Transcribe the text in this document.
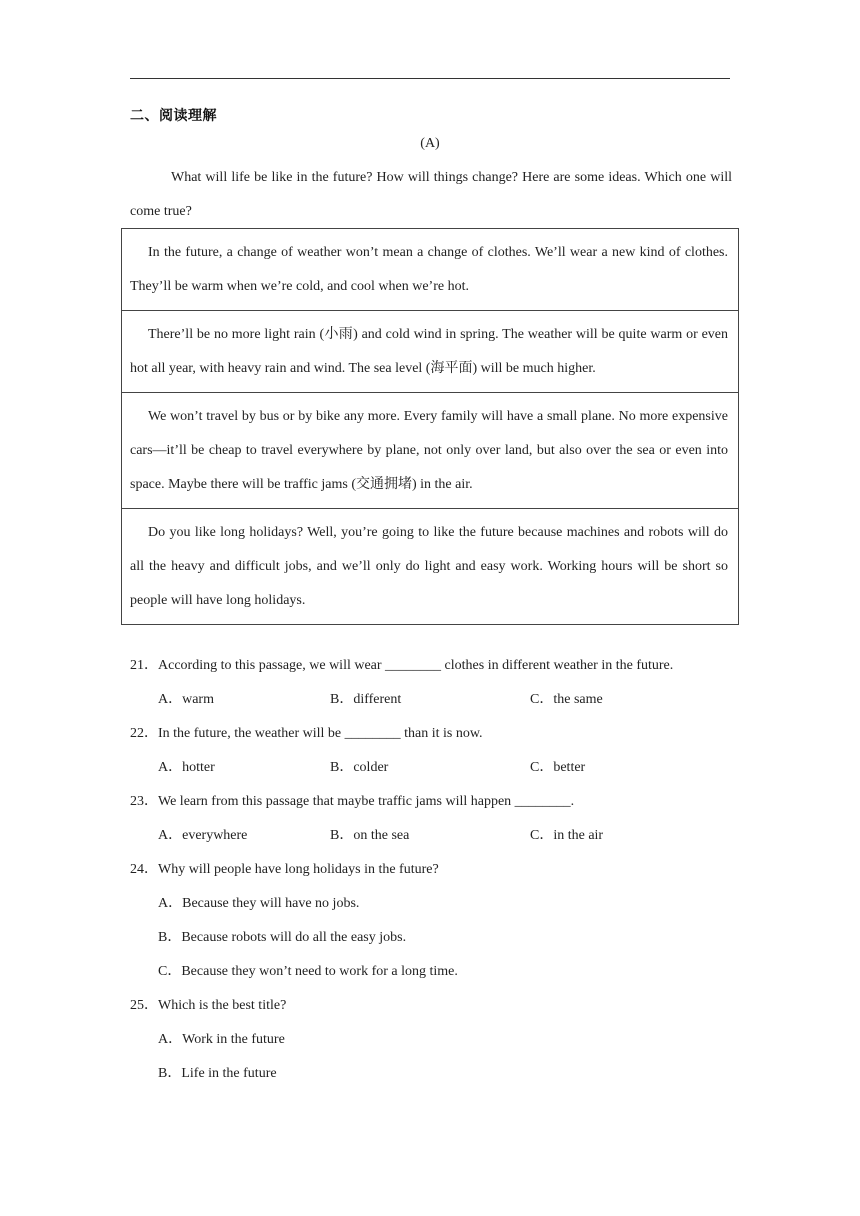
二、阅读理解
(A)
What will life be like in the future? How will things change? Here are some ideas. Which one will come true?
In the future, a change of weather won’t mean a change of clothes. We’ll wear a new kind of clothes. They’ll be warm when we’re cold, and cool when we’re hot.
There’ll be no more light rain (小雨) and cold wind in spring. The weather will be quite warm or even hot all year, with heavy rain and wind. The sea level (海平面) will be much higher.
We won’t travel by bus or by bike any more. Every family will have a small plane. No more expensive cars—it’ll be cheap to travel everywhere by plane, not only over land, but also over the sea or even into space. Maybe there will be traffic jams (交通拥堵) in the air.
Do you like long holidays? Well, you’re going to like the future because machines and robots will do all the heavy and difficult jobs, and we’ll only do light and easy work. Working hours will be short so people will have long holidays.
21．According to this passage, we will wear ________ clothes in different weather in the future.
A．warm	B．different	C．the same
22．In the future, the weather will be ________ than it is now.
A．hotter	B．colder	C．better
23．We learn from this passage that maybe traffic jams will happen ________.
A．everywhere	B．on the sea	C．in the air
24．Why will people have long holidays in the future?
A．Because they will have no jobs.
B．Because robots will do all the easy jobs.
C．Because they won’t need to work for a long time.
25．Which is the best title?
A．Work in the future
B．Life in the future
